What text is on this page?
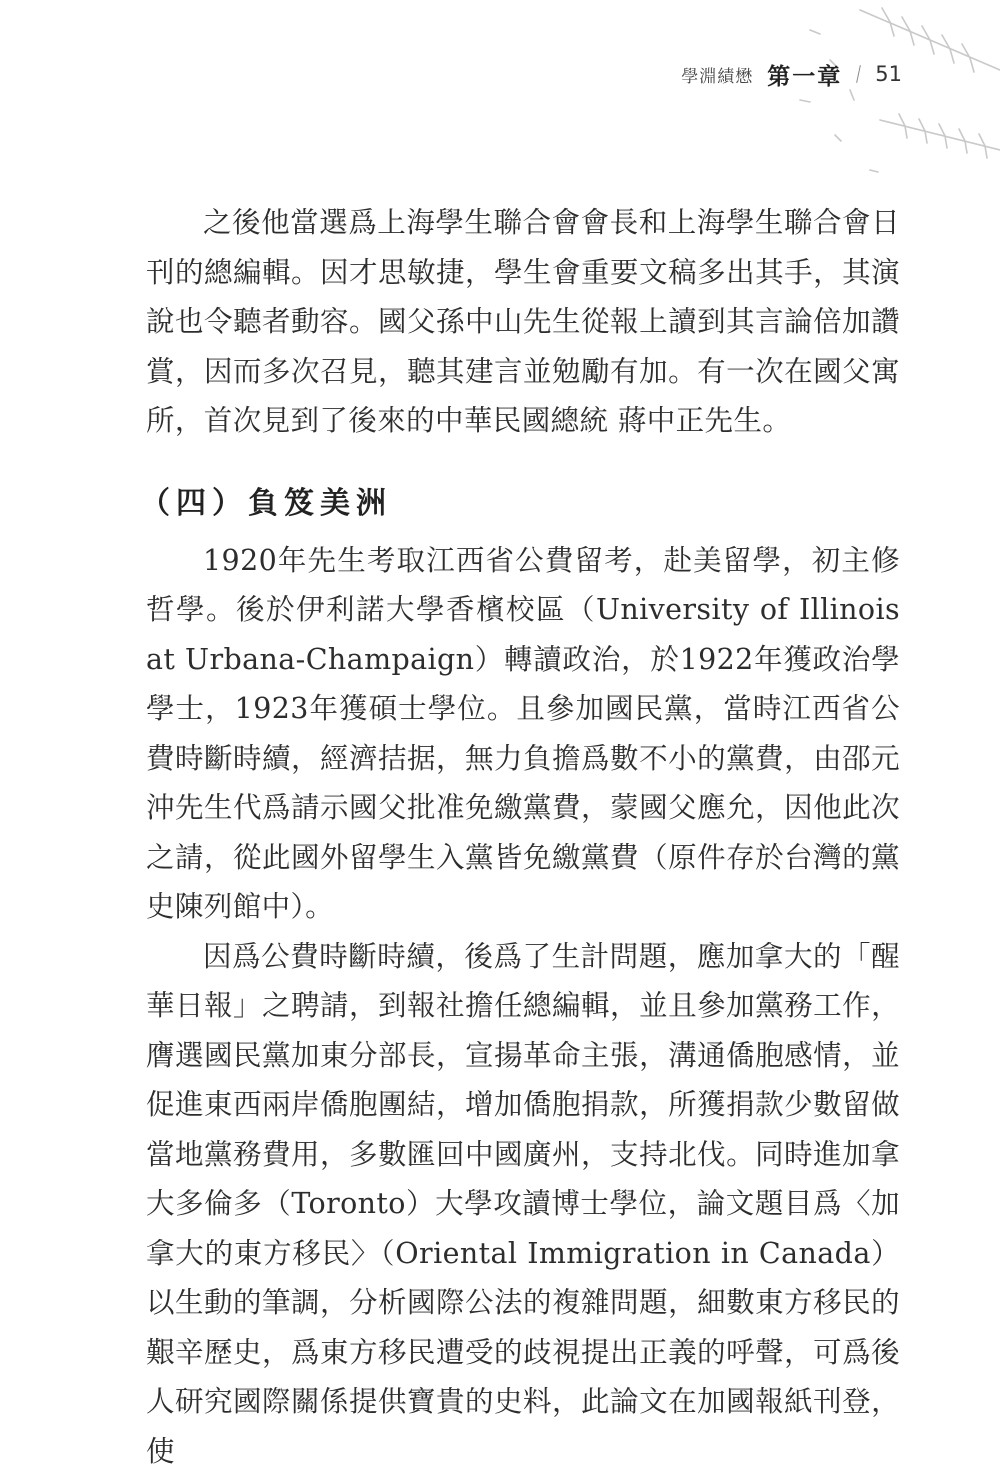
學淵績懋 第一章 51

之後他當選爲上海學生聯合會會長和上海學生聯合會日刊的總編輯。因才思敏捷，學生會重要文稿多出其手，其演說也令聽者動容。國父孫中山先生從報上讀到其言論倍加讚賞，因而多次召見，聽其建言並勉勵有加。有一次在國父寓所，首次見到了後來的中華民國總統 蔣中正先生。

（四）負笈美洲

1920年先生考取江西省公費留考，赴美留學，初主修哲學。後於伊利諾大學香檳校區（University of Illinois at Urbana-Champaign）轉讀政治，於1922年獲政治學學士，1923年獲碩士學位。且參加國民黨，當時江西省公費時斷時續，經濟拮据，無力負擔爲數不小的黨費，由邵元沖先生代爲請示國父批准免繳黨費，蒙國父應允，因他此次之請，從此國外留學生入黨皆免繳黨費（原件存於台灣的黨史陳列館中）。

因爲公費時斷時續，後爲了生計問題，應加拿大的「醒華日報」之聘請，到報社擔任總編輯，並且參加黨務工作，膺選國民黨加東分部長，宣揚革命主張，溝通僑胞感情，並促進東西兩岸僑胞團結，增加僑胞捐款，所獲捐款少數留做當地黨務費用，多數匯回中國廣州，支持北伐。同時進加拿大多倫多（Toronto）大學攻讀博士學位，論文題目爲〈加拿大的東方移民〉（Oriental Immigration in Canada）以生動的筆調，分析國際公法的複雜問題，細數東方移民的艱辛歷史，爲東方移民遭受的歧視提出正義的呼聲，可爲後人研究國際關係提供寶貴的史料，此論文在加國報紙刊登，使
